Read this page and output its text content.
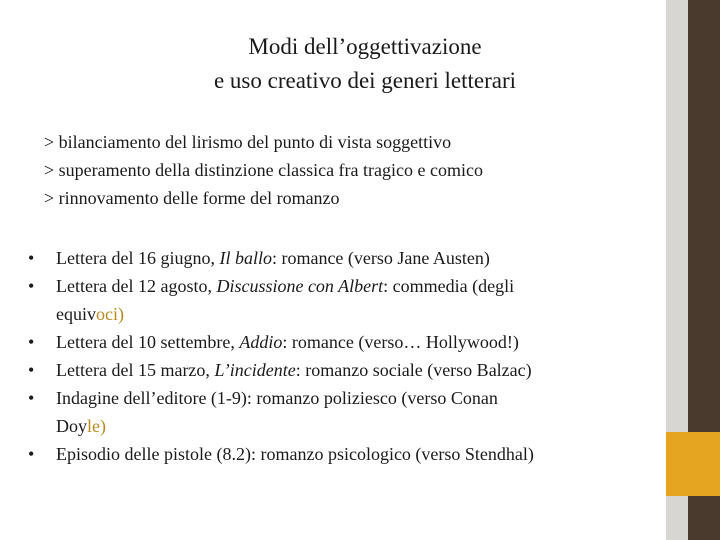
Modi dell’oggettivazione
e uso creativo dei generi letterari
> bilanciamento del lirismo del punto di vista soggettivo
> superamento della distinzione classica fra tragico e comico
> rinnovamento delle forme del romanzo
•	Lettera del 16 giugno, Il ballo: romance (verso Jane Austen)
•	Lettera del 12 agosto, Discussione con Albert: commedia (degli
equivoci)
•	Lettera del 10 settembre, Addio: romance (verso… Hollywood!)
•	Lettera del 15 marzo, L’incidente: romanzo sociale (verso Balzac)
•	Indagine dell’editore (1-9): romanzo poliziesco (verso Conan
Doyle)
•	Episodio delle pistole (8.2): romanzo psicologico (verso Stendhal)
